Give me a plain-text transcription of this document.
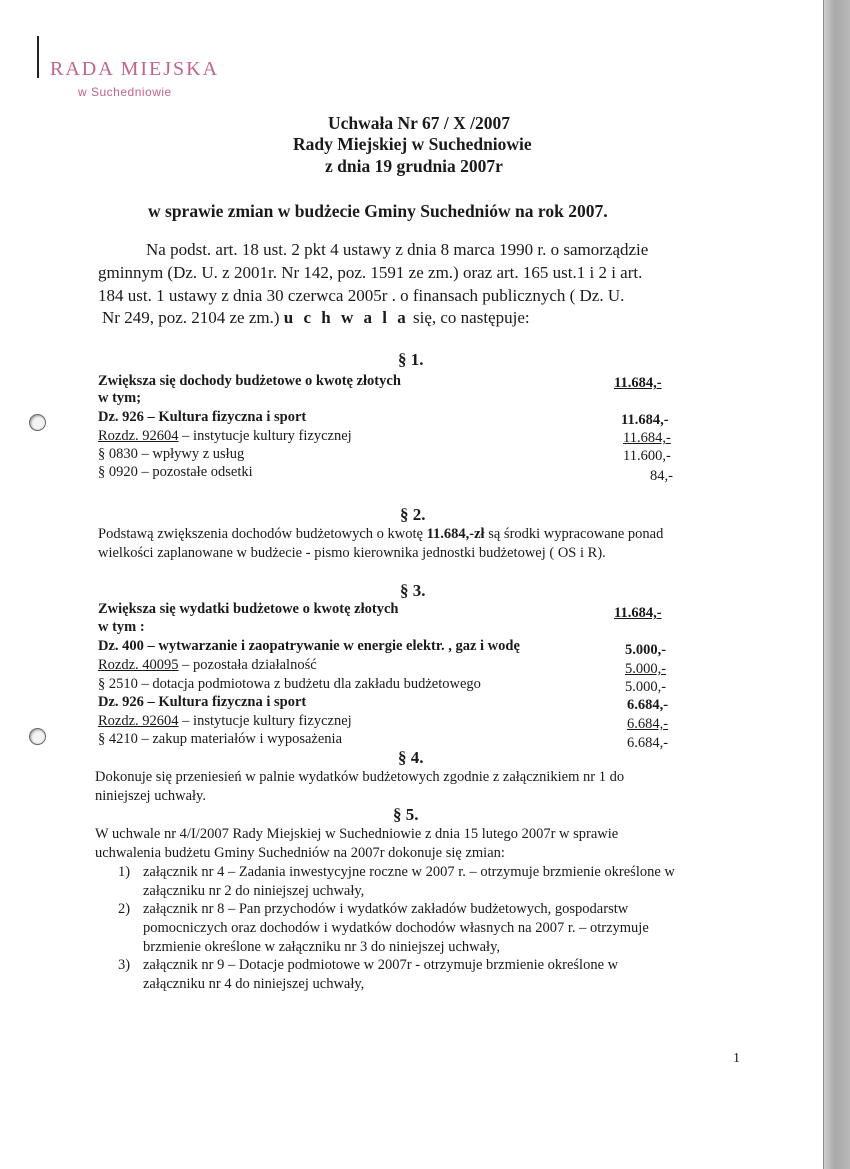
RADA MIEJSKA
w Suchedniowie
Uchwała Nr 67 / X /2007
Rady Miejskiej w Suchedniowie
z dnia 19 grudnia 2007r
w sprawie zmian w budżecie Gminy Suchedniów na rok 2007.
Na podst. art. 18 ust. 2 pkt 4 ustawy z dnia 8 marca 1990 r. o samorządzie
gminnym (Dz. U. z 2001r. Nr 142, poz. 1591 ze zm.) oraz art. 165 ust.1 i 2 i art.
184 ust. 1 ustawy z dnia 30 czerwca 2005r . o finansach publicznych ( Dz. U.
Nr 249, poz. 2104 ze zm.) u c h w a l a się, co następuje:
§ 1.
Zwiększa się dochody budżetowe o kwotę złotych	11.684,-
w tym;
Dz. 926 – Kultura fizyczna i sport	11.684,-
Rozdz. 92604 – instytucje kultury fizycznej	11.684,-
§ 0830 – wpływy z usług	11.600,-
§ 0920 – pozostałe odsetki	84,-
§ 2.
Podstawą zwiększenia dochodów budżetowych o kwotę 11.684,-zł są środki wypracowane ponad
wielkości zaplanowane w budżecie - pismo kierownika jednostki budżetowej ( OS i R).
§ 3.
Zwiększa się wydatki budżetowe o kwotę złotych	11.684,-
w tym :
Dz. 400 – wytwarzanie i zaopatrywanie w energie elektr. , gaz i wodę	5.000,-
Rozdz. 40095 – pozostała działalność	5.000,-
§ 2510 – dotacja podmiotowa z budżetu dla zakładu budżetowego	5.000,-
Dz. 926 – Kultura fizyczna i sport	6.684,-
Rozdz. 92604 – instytucje kultury fizycznej	6.684,-
§ 4210 – zakup materiałów i wyposażenia	6.684,-
§ 4.
Dokonuje się przeniesień w palnie wydatków budżetowych zgodnie z załącznikiem nr 1 do
niniejszej uchwały.
§ 5.
W uchwale nr 4/I/2007 Rady Miejskiej w Suchedniowie z dnia 15 lutego 2007r w sprawie
uchwalenia budżetu Gminy Suchedniów na 2007r dokonuje się zmian:
1) załącznik nr 4 – Zadania inwestycyjne roczne w 2007 r. – otrzymuje brzmienie określone w
załączniku nr 2 do niniejszej uchwały,
2) załącznik nr 8 – Pan przychodów i wydatków zakładów budżetowych, gospodarstw
pomocniczych oraz dochodów i wydatków dochodów własnych na 2007 r. – otrzymuje
brzmienie określone w załączniku nr 3 do niniejszej uchwały,
3) załącznik nr 9 – Dotacje podmiotowe w 2007r - otrzymuje brzmienie określone w
załączniku nr 4 do niniejszej uchwały,
1
